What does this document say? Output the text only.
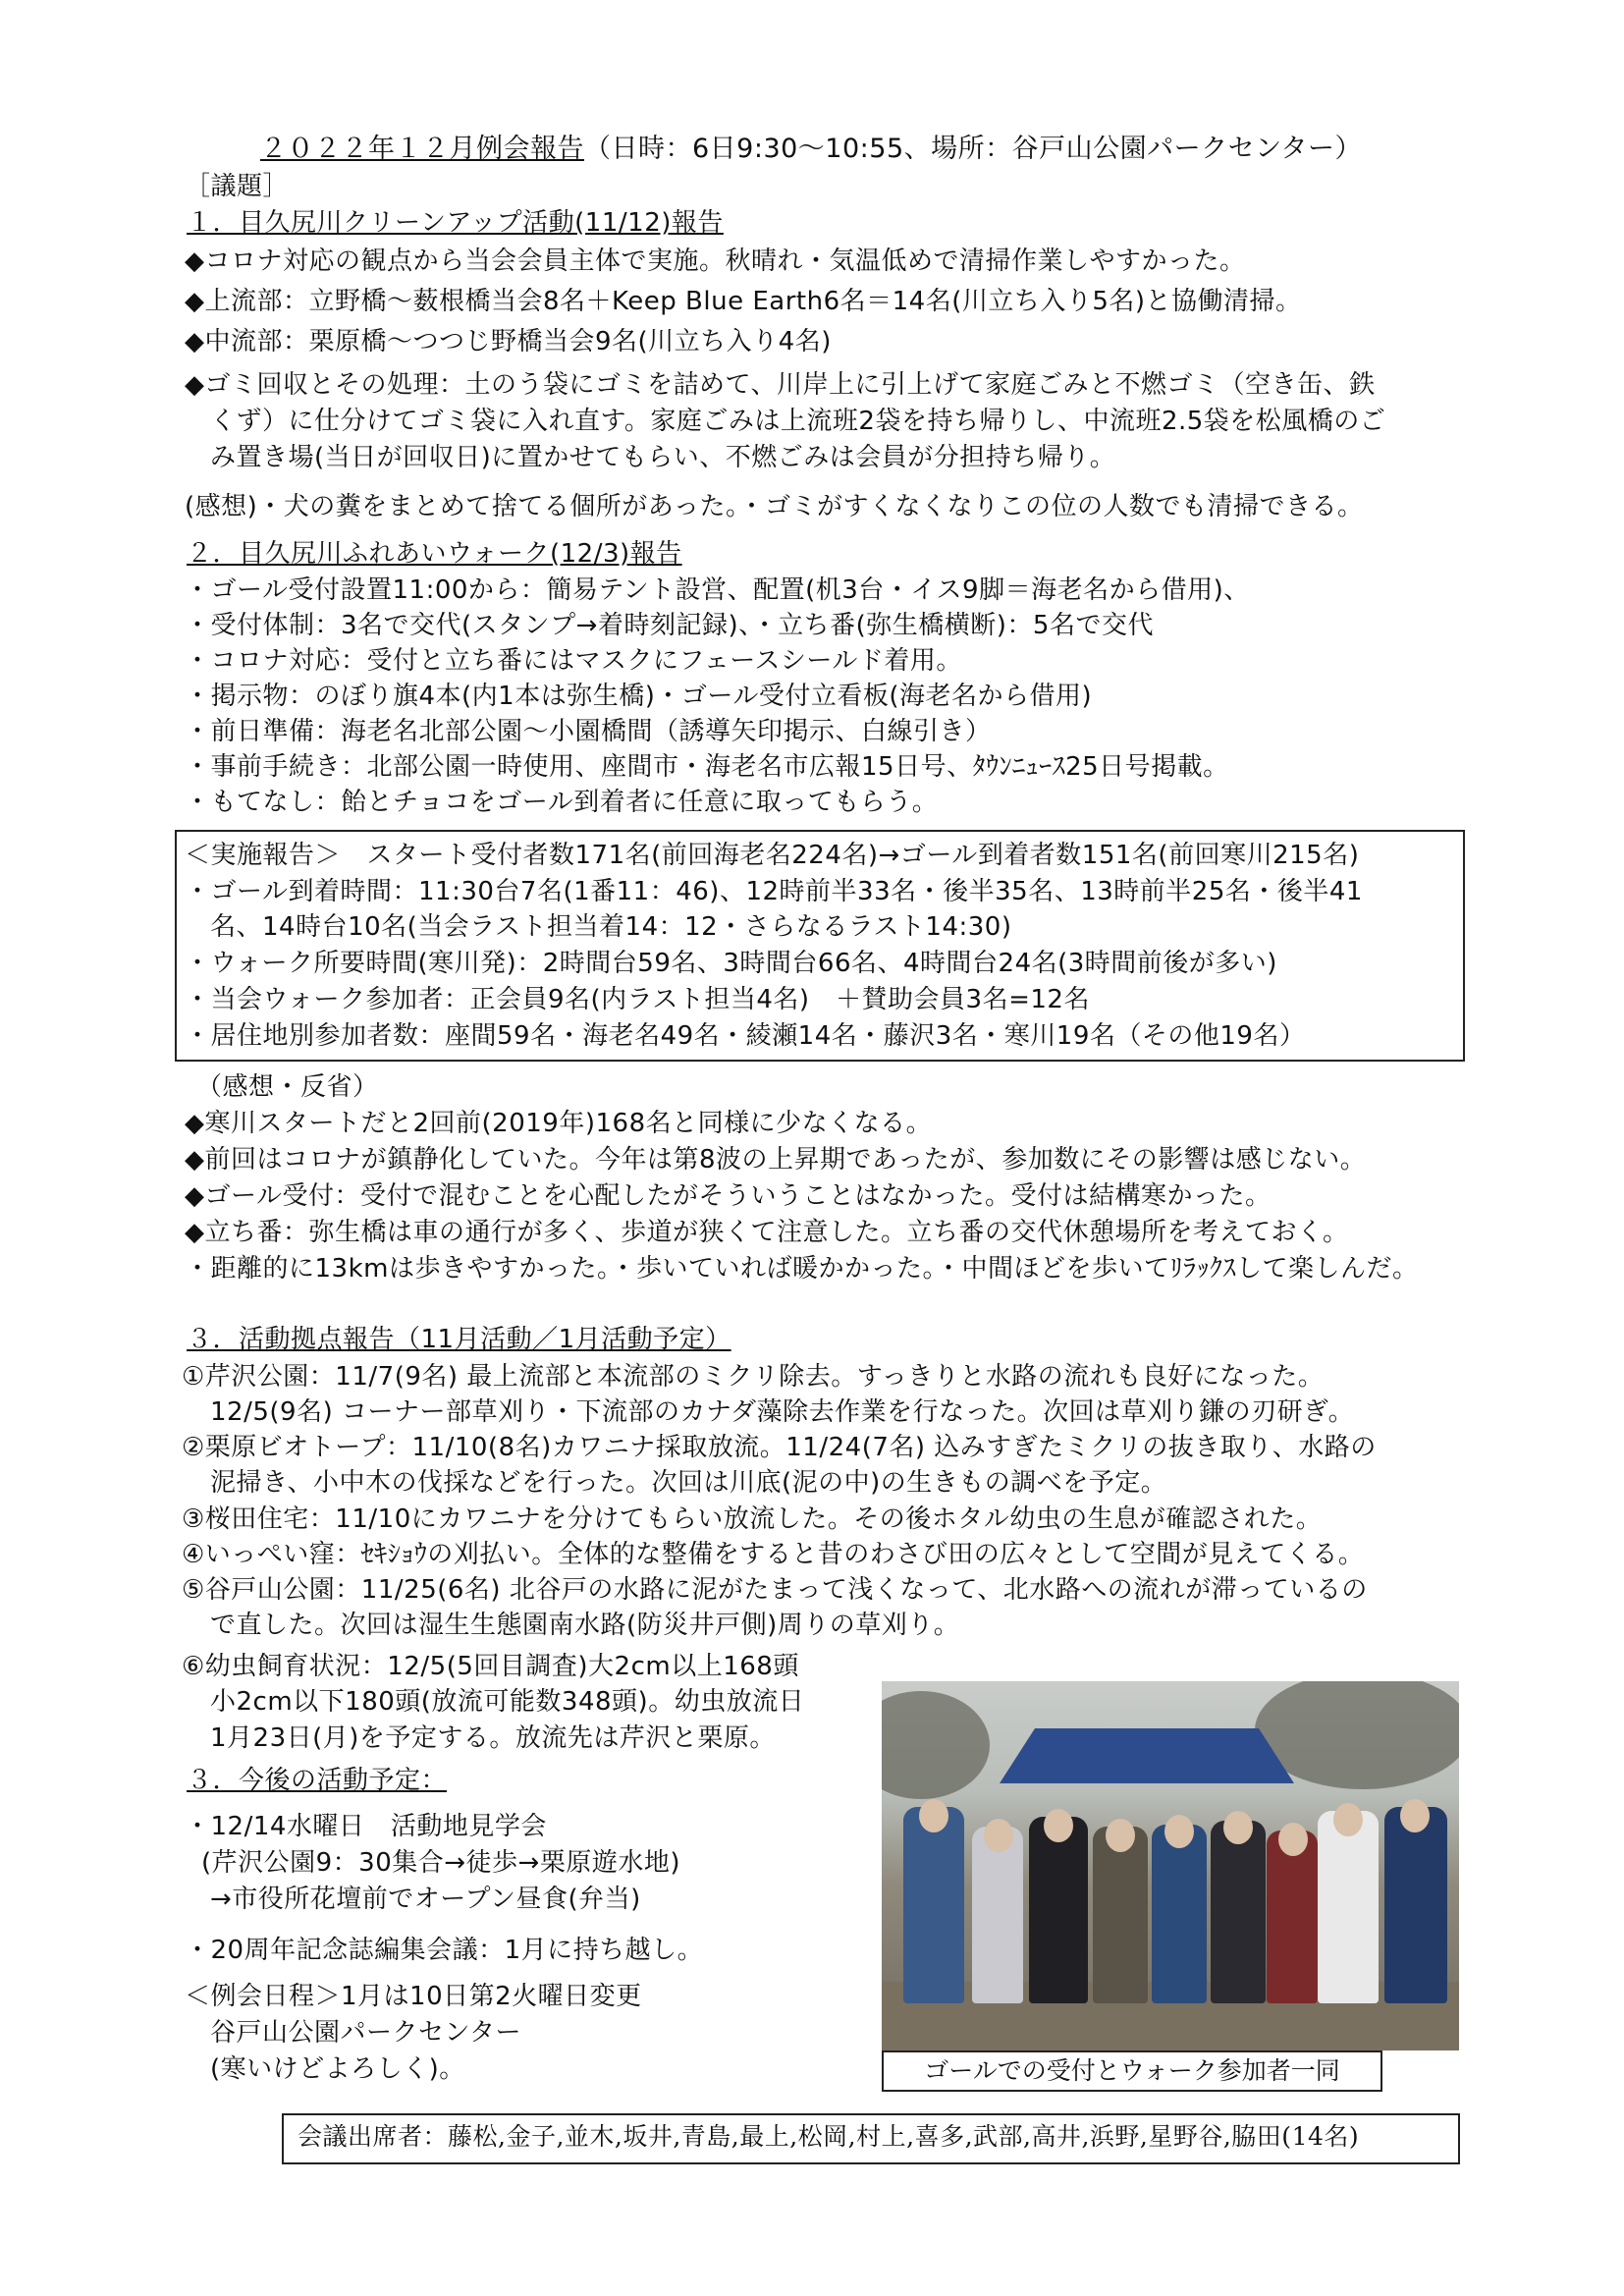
２０２２年１２月例会報告（日時：6日9:30～10:55、場所：谷戸山公園パークセンター）
［議題］
１．目久尻川クリーンアップ活動(11/12)報告
◆コロナ対応の観点から当会会員主体で実施。秋晴れ・気温低めで清掃作業しやすかった。
◆上流部：立野橋～薮根橋当会8名＋Keep Blue Earth6名＝14名(川立ち入り5名)と協働清掃。
◆中流部：栗原橋～つつじ野橋当会9名(川立ち入り4名)
◆ゴミ回収とその処理：土のう袋にゴミを詰めて、川岸上に引上げて家庭ごみと不燃ゴミ（空き缶、鉄
くず）に仕分けてゴミ袋に入れ直す。家庭ごみは上流班2袋を持ち帰りし、中流班2.5袋を松風橋のご
み置き場(当日が回収日)に置かせてもらい、不燃ごみは会員が分担持ち帰り。
(感想)・犬の糞をまとめて捨てる個所があった。・ゴミがすくなくなりこの位の人数でも清掃できる。
２．目久尻川ふれあいウォーク(12/3)報告
・ゴール受付設置11:00から：簡易テント設営、配置(机3台・イス9脚＝海老名から借用)、
・受付体制：3名で交代(スタンプ→着時刻記録)、・立ち番(弥生橋横断)：5名で交代
・コロナ対応：受付と立ち番にはマスクにフェースシールド着用。
・掲示物：のぼり旗4本(内1本は弥生橋)・ゴール受付立看板(海老名から借用)
・前日準備：海老名北部公園～小園橋間（誘導矢印掲示、白線引き）
・事前手続き：北部公園一時使用、座間市・海老名市広報15日号、ﾀｳﾝﾆｭｰｽ25日号掲載。
・もてなし：飴とチョコをゴール到着者に任意に取ってもらう。
＜実施報告＞　スタート受付者数171名(前回海老名224名)→ゴール到着者数151名(前回寒川215名)
・ゴール到着時間：11:30台7名(1番11：46)、12時前半33名・後半35名、13時前半25名・後半41
名、14時台10名(当会ラスト担当着14：12・さらなるラスト14:30)
・ウォーク所要時間(寒川発)：2時間台59名、3時間台66名、4時間台24名(3時間前後が多い)
・当会ウォーク参加者：正会員9名(内ラスト担当4名)　＋賛助会員3名=12名
・居住地別参加者数：座間59名・海老名49名・綾瀬14名・藤沢3名・寒川19名（その他19名）
（感想・反省）
◆寒川スタートだと2回前(2019年)168名と同様に少なくなる。
◆前回はコロナが鎮静化していた。今年は第8波の上昇期であったが、参加数にその影響は感じない。
◆ゴール受付：受付で混むことを心配したがそういうことはなかった。受付は結構寒かった。
◆立ち番：弥生橋は車の通行が多く、歩道が狭くて注意した。立ち番の交代休憩場所を考えておく。
・距離的に13kmは歩きやすかった。・歩いていれば暖かかった。・中間ほどを歩いてﾘﾗｯｸｽして楽しんだ。
３．活動拠点報告（11月活動／1月活動予定）
①芹沢公園：11/7(9名) 最上流部と本流部のミクリ除去。すっきりと水路の流れも良好になった。
12/5(9名) コーナー部草刈り・下流部のカナダ藻除去作業を行なった。次回は草刈り鎌の刃研ぎ。
②栗原ビオトープ：11/10(8名)カワニナ採取放流。11/24(7名) 込みすぎたミクリの抜き取り、水路の
泥掃き、小中木の伐採などを行った。次回は川底(泥の中)の生きもの調べを予定。
③桜田住宅：11/10にカワニナを分けてもらい放流した。その後ホタル幼虫の生息が確認された。
④いっぺい窪：ｾｷｼｮｳの刈払い。全体的な整備をすると昔のわさび田の広々として空間が見えてくる。
⑤谷戸山公園：11/25(6名) 北谷戸の水路に泥がたまって浅くなって、北水路への流れが滞っているの
で直した。次回は湿生生態園南水路(防災井戸側)周りの草刈り。
⑥幼虫飼育状況：12/5(5回目調査)大2cm以上168頭
小2cm以下180頭(放流可能数348頭)。幼虫放流日
1月23日(月)を予定する。放流先は芹沢と栗原。
３．今後の活動予定：
・12/14水曜日　活動地見学会
(芹沢公園9：30集合→徒歩→栗原遊水地)
→市役所花壇前でオープン昼食(弁当)
・20周年記念誌編集会議：1月に持ち越し。
＜例会日程＞1月は10日第2火曜日変更
谷戸山公園パークセンター
(寒いけどよろしく)。	ゴールでの受付とウォーク参加者一同
会議出席者：藤松,金子,並木,坂井,青島,最上,松岡,村上,喜多,武部,高井,浜野,星野谷,脇田(14名)
